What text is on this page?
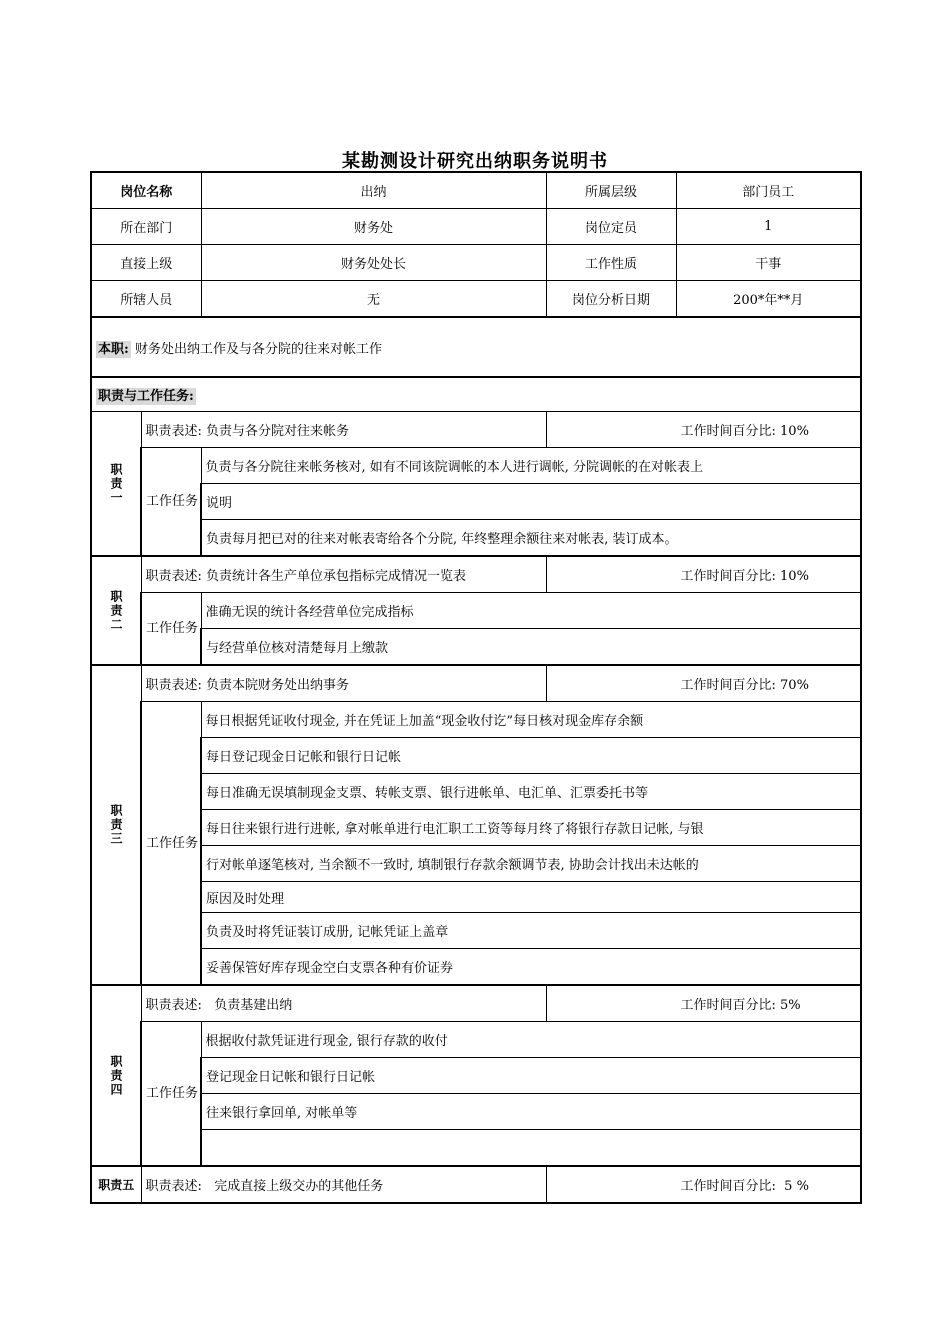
某勘测设计研究出纳职务说明书
岗位名称		出纳	所属层级	部门员工
所在部门		财务处	岗位定员	1
直接上级		财务处处长	工作性质	干事
所辖人员		无	岗位分析日期	200*年**月
本职: 财务处出纳工作及与各分院的往来对帐工作				
职责与工作任务:				

职责一	职责表述: 负责与各分院对往来帐务		工作时间百分比: 10%	
	工作任务	负责与各分院往来帐务核对, 如有不同该院调帐的本人进行调帐, 分院调帐的在对帐表上		
		说明		
		负责每月把已对的往来对帐表寄给各个分院, 年终整理余额往来对帐表, 装订成本。		

职责二	职责表述: 负责统计各生产单位承包指标完成情况一览表		工作时间百分比: 10%	
	工作任务	准确无误的统计各经营单位完成指标		
		与经营单位核对清楚每月上缴款		

职责三	职责表述: 负责本院财务处出纳事务		工作时间百分比: 70%	
	工作任务	每日根据凭证收付现金, 并在凭证上加盖“现金收付讫”每日核对现金库存余额		
		每日登记现金日记帐和银行日记帐		
		每日准确无误填制现金支票、转帐支票、银行进帐单、电汇单、汇票委托书等		
		每日往来银行进行进帐, 拿对帐单进行电汇职工工资等每月终了将银行存款日记帐, 与银		
		行对帐单逐笔核对, 当余额不一致时, 填制银行存款余额调节表, 协助会计找出未达帐的		
		原因及时处理		
		负责及时将凭证装订成册, 记帐凭证上盖章		
		妥善保管好库存现金空白支票各种有价证券		

职责四	职责表述:   负责基建出纳		工作时间百分比: 5%	
	工作任务	根据收付款凭证进行现金, 银行存款的收付		
		登记现金日记帐和银行日记帐		
		往来银行拿回单, 对帐单等		

职责五	职责表述:   完成直接上级交办的其他任务		工作时间百分比:  5 %	
